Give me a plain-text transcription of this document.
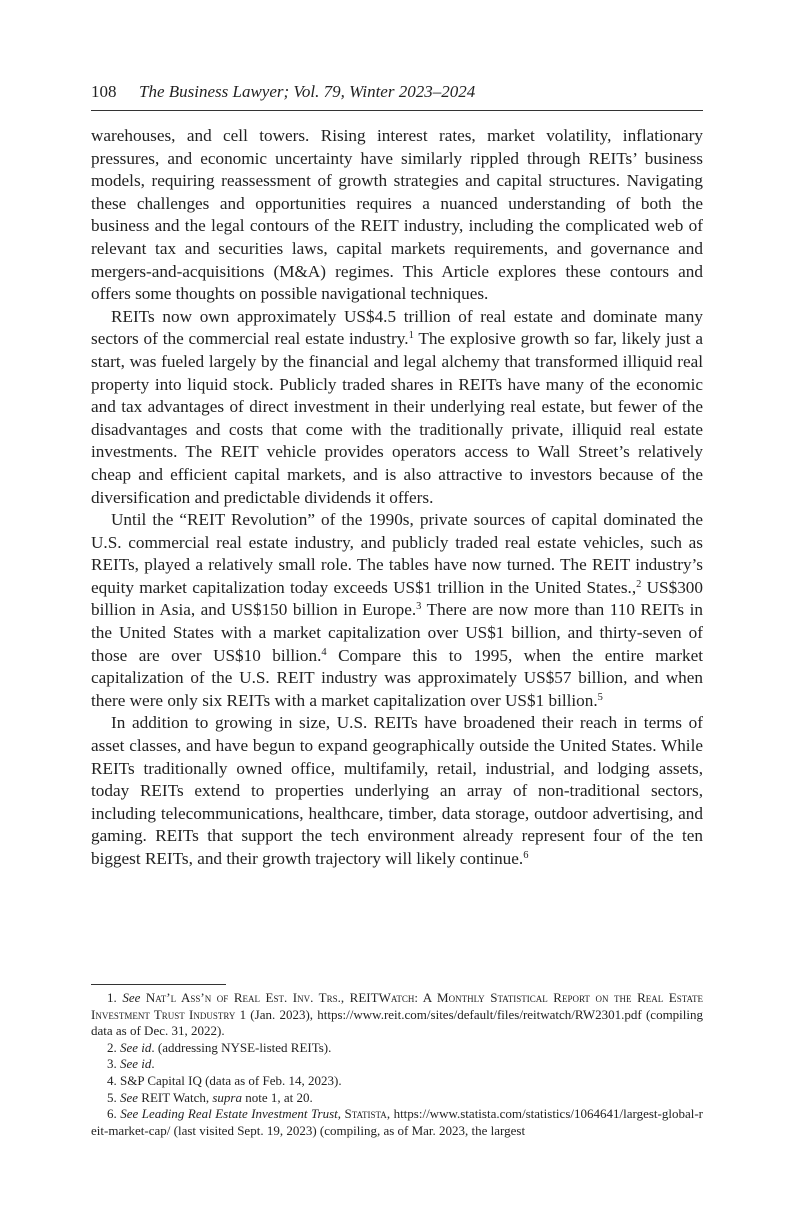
108 The Business Lawyer; Vol. 79, Winter 2023–2024

warehouses, and cell towers. Rising interest rates, market volatility, inflationary pressures, and economic uncertainty have similarly rippled through REITs’ business models, requiring reassessment of growth strategies and capital structures. Navigating these challenges and opportunities requires a nuanced understanding of both the business and the legal contours of the REIT industry, including the complicated web of relevant tax and securities laws, capital markets requirements, and governance and mergers-and-acquisitions (M&A) regimes. This Article explores these contours and offers some thoughts on possible navigational techniques.

REITs now own approximately US$4.5 trillion of real estate and dominate many sectors of the commercial real estate industry.$^1$ The explosive growth so far, likely just a start, was fueled largely by the financial and legal alchemy that transformed illiquid real property into liquid stock. Publicly traded shares in REITs have many of the economic and tax advantages of direct investment in their underlying real estate, but fewer of the disadvantages and costs that come with the traditionally private, illiquid real estate investments. The REIT vehicle provides operators access to Wall Street’s relatively cheap and efficient capital markets, and is also attractive to investors because of the diversification and predictable dividends it offers.

Until the “REIT Revolution” of the 1990s, private sources of capital dominated the U.S. commercial real estate industry, and publicly traded real estate vehicles, such as REITs, played a relatively small role. The tables have now turned. The REIT industry’s equity market capitalization today exceeds US$1 trillion in the United States.,$^2$ US$300 billion in Asia, and US$150 billion in Europe.$^3$ There are now more than 110 REITs in the United States with a market capitalization over US$1 billion, and thirty-seven of those are over US$10 billion.$^4$ Compare this to 1995, when the entire market capitalization of the U.S. REIT industry was approximately US$57 billion, and when there were only six REITs with a market capitalization over US$1 billion.$^5$

In addition to growing in size, U.S. REITs have broadened their reach in terms of asset classes, and have begun to expand geographically outside the United States. While REITs traditionally owned office, multifamily, retail, industrial, and lodging assets, today REITs extend to properties underlying an array of non-traditional sectors, including telecommunications, healthcare, timber, data storage, outdoor advertising, and gaming. REITs that support the tech environment already represent four of the ten biggest REITs, and their growth trajectory will likely continue.$^6$

1. See Nat’l Ass’n of Real Est. Inv. Trs., REITWatch: A Monthly Statistical Report on the Real Estate Investment Trust Industry 1 (Jan. 2023), https://www.reit.com/sites/default/files/reitwatch/RW2301.pdf (compiling data as of Dec. 31, 2022).

2. See id. (addressing NYSE-listed REITs).

3. See id.

4. S&P Capital IQ (data as of Feb. 14, 2023).

5. See REIT Watch, supra note 1, at 20.

6. See Leading Real Estate Investment Trust, Statista, https://www.statista.com/statistics/1064641/largest-global-reit-market-cap/ (last visited Sept. 19, 2023) (compiling, as of Mar. 2023, the largest
